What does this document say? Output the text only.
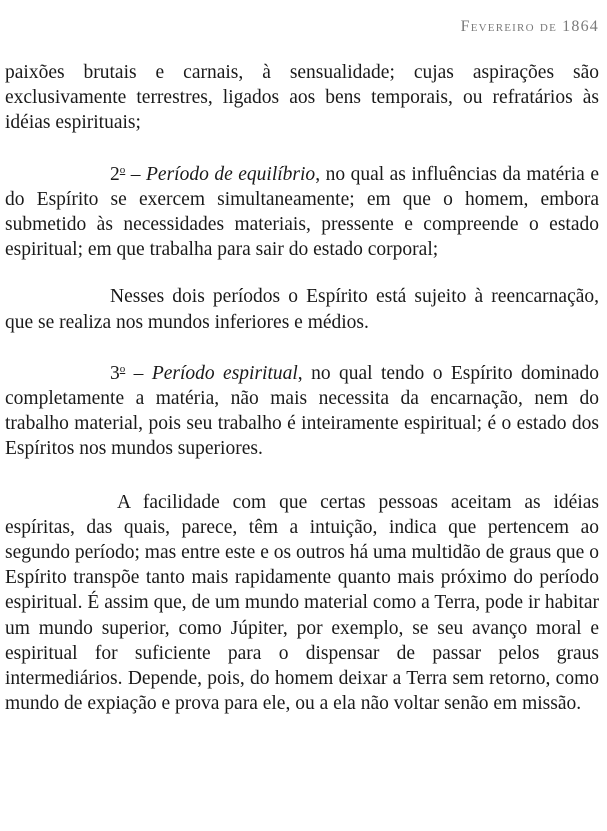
Fevereiro de 1864

paixões brutais e carnais, à sensualidade; cujas aspirações são exclusivamente terrestres, ligados aos bens temporais, ou refratários às idéias espirituais;

2$^o$ – Período de equilíbrio, no qual as influências da matéria e do Espírito se exercem simultaneamente; em que o homem, embora submetido às necessidades materiais, pressente e compreende o estado espiritual; em que trabalha para sair do estado corporal;

Nesses dois períodos o Espírito está sujeito à reencarnação, que se realiza nos mundos inferiores e médios.

3$^o$ – Período espiritual, no qual tendo o Espírito dominado completamente a matéria, não mais necessita da encarnação, nem do trabalho material, pois seu trabalho é inteiramente espiritual; é o estado dos Espíritos nos mundos superiores.

A facilidade com que certas pessoas aceitam as idéias espíritas, das quais, parece, têm a intuição, indica que pertencem ao segundo período; mas entre este e os outros há uma multidão de graus que o Espírito transpõe tanto mais rapidamente quanto mais próximo do período espiritual. É assim que, de um mundo material como a Terra, pode ir habitar um mundo superior, como Júpiter, por exemplo, se seu avanço moral e espiritual for suficiente para o dispensar de passar pelos graus intermediários. Depende, pois, do homem deixar a Terra sem retorno, como mundo de expiação e prova para ele, ou a ela não voltar senão em missão.
